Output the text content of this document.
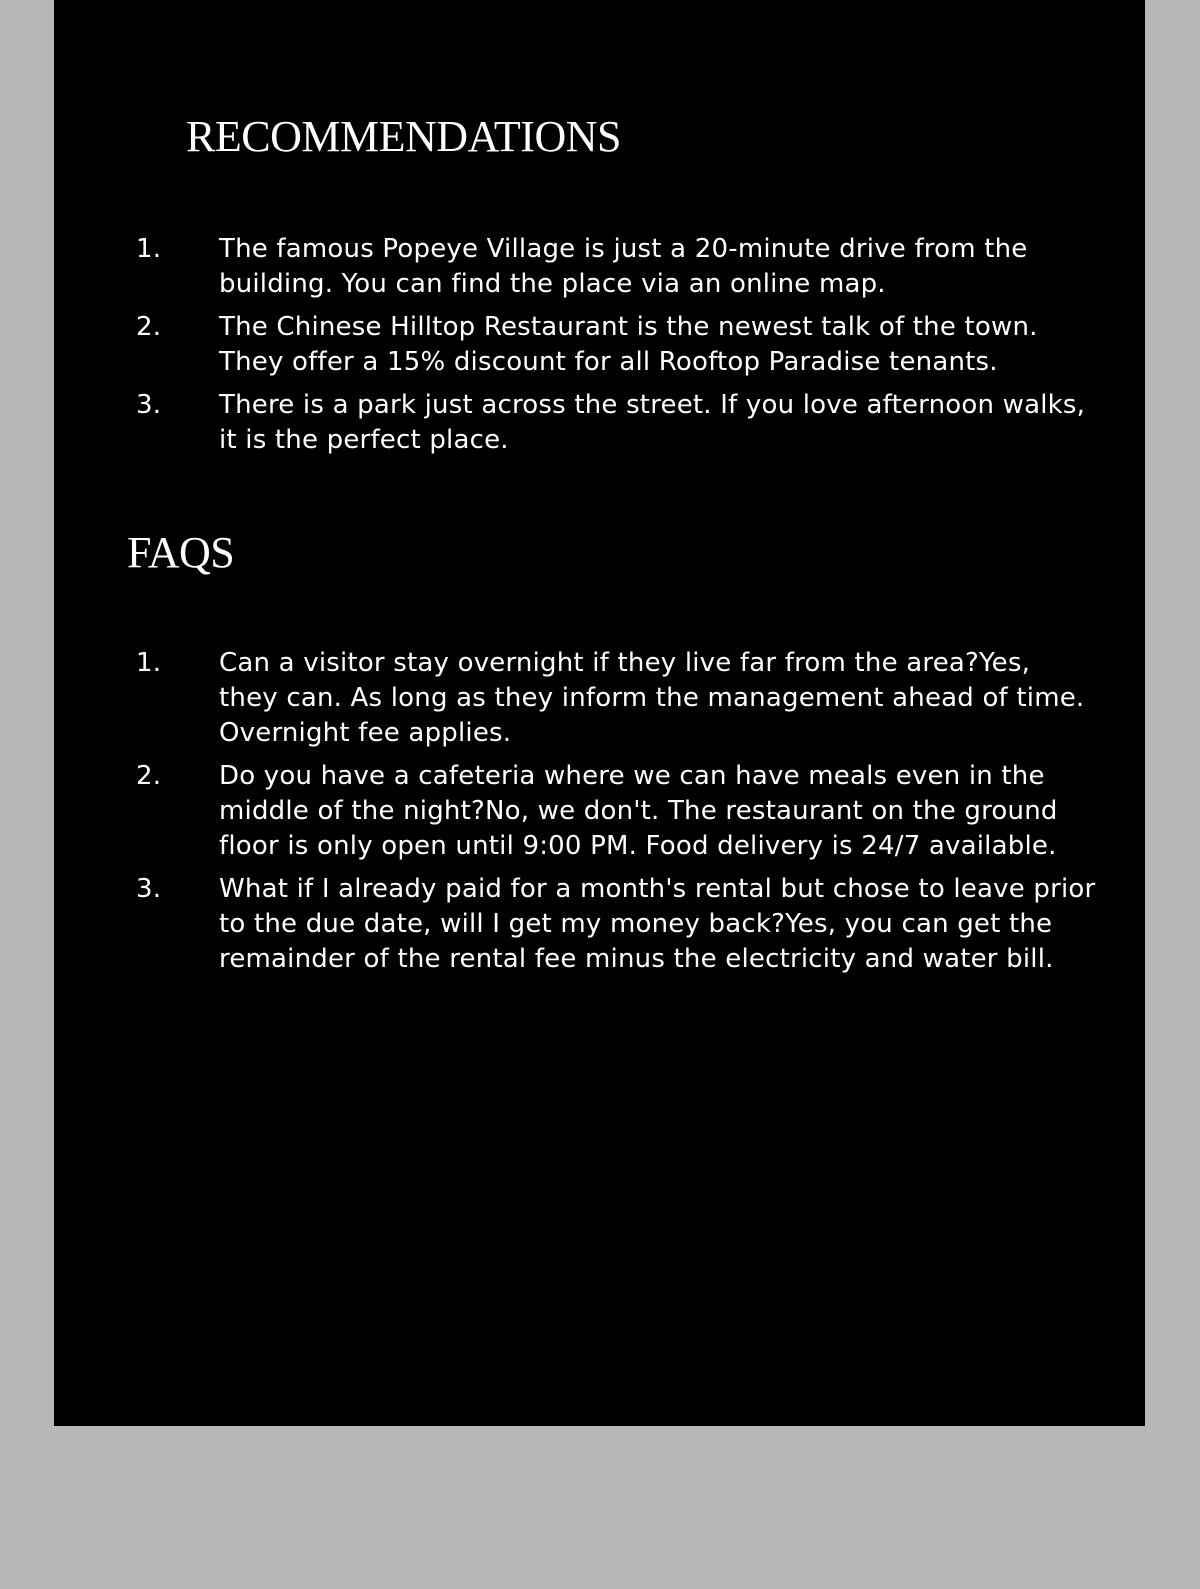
RECOMMENDATIONS
1.	The famous Popeye Village is just a 20-minute drive from the building. You can find the place via an online map.
2.	The Chinese Hilltop Restaurant is the newest talk of the town. They offer a 15% discount for all Rooftop Paradise tenants.
3.	There is a park just across the street. If you love afternoon walks, it is the perfect place.
FAQS
1.	Can a visitor stay overnight if they live far from the area?Yes, they can. As long as they inform the management ahead of time. Overnight fee applies.
2.	Do you have a cafeteria where we can have meals even in the middle of the night?No, we don't. The restaurant on the ground floor is only open until 9:00 PM. Food delivery is 24/7 available.
3.	What if I already paid for a month's rental but chose to leave prior to the due date, will I get my money back?Yes, you can get the remainder of the rental fee minus the electricity and water bill.
